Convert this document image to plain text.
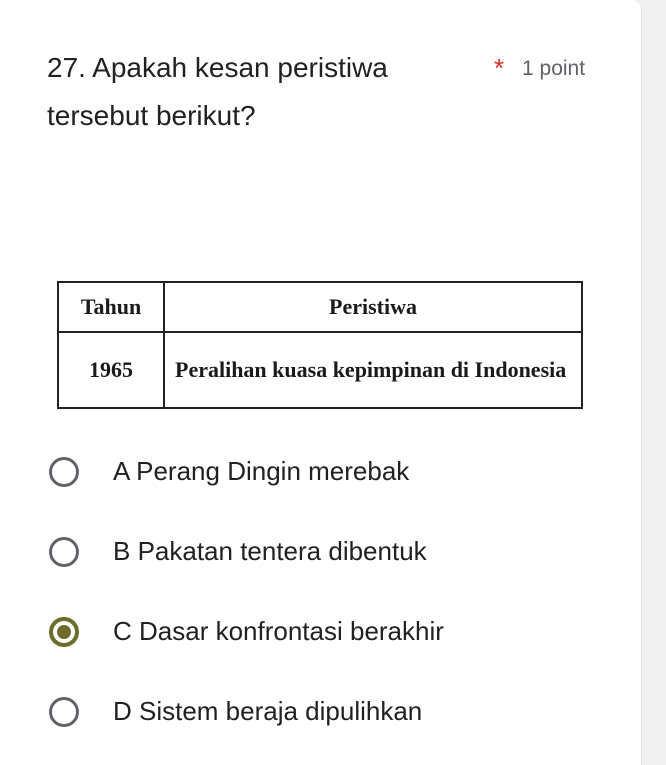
27. Apakah kesan peristiwa tersebut berikut?

* 1 point
Tahun	Peristiwa
1965	Peralihan kuasa kepimpinan di Indonesia
A Perang Dingin merebak
B Pakatan tentera dibentuk
C Dasar konfrontasi berakhir
D Sistem beraja dipulihkan
